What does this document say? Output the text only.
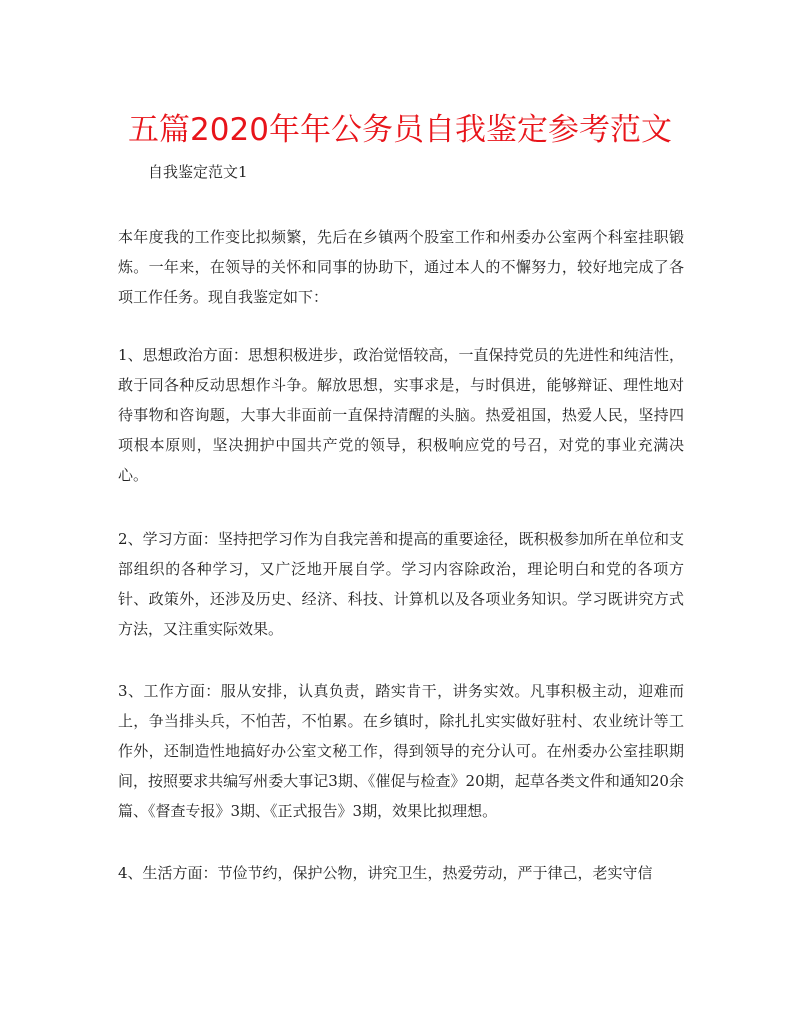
五篇2020年年公务员自我鉴定参考范文

自我鉴定范文1

本年度我的工作变比拟频繁，先后在乡镇两个股室工作和州委办公室两个科室挂职锻炼。一年来，在领导的关怀和同事的协助下，通过本人的不懈努力，较好地完成了各项工作任务。现自我鉴定如下：

1、思想政治方面：思想积极进步，政治觉悟较高，一直保持党员的先进性和纯洁性，敢于同各种反动思想作斗争。解放思想，实事求是，与时俱进，能够辩证、理性地对待事物和咨询题，大事大非面前一直保持清醒的头脑。热爱祖国，热爱人民，坚持四项根本原则，坚决拥护中国共产党的领导，积极响应党的号召，对党的事业充满决心。

2、学习方面：坚持把学习作为自我完善和提高的重要途径，既积极参加所在单位和支部组织的各种学习，又广泛地开展自学。学习内容除政治，理论明白和党的各项方针、政策外，还涉及历史、经济、科技、计算机以及各项业务知识。学习既讲究方式方法，又注重实际效果。

3、工作方面：服从安排，认真负责，踏实肯干，讲务实效。凡事积极主动，迎难而上，争当排头兵，不怕苦，不怕累。在乡镇时，除扎扎实实做好驻村、农业统计等工作外，还制造性地搞好办公室文秘工作，得到领导的充分认可。在州委办公室挂职期间，按照要求共编写州委大事记3期、《催促与检查》20期，起草各类文件和通知20余篇、《督查专报》3期、《正式报告》3期，效果比拟理想。

4、生活方面：节俭节约，保护公物，讲究卫生，热爱劳动，严于律己，老实守信
